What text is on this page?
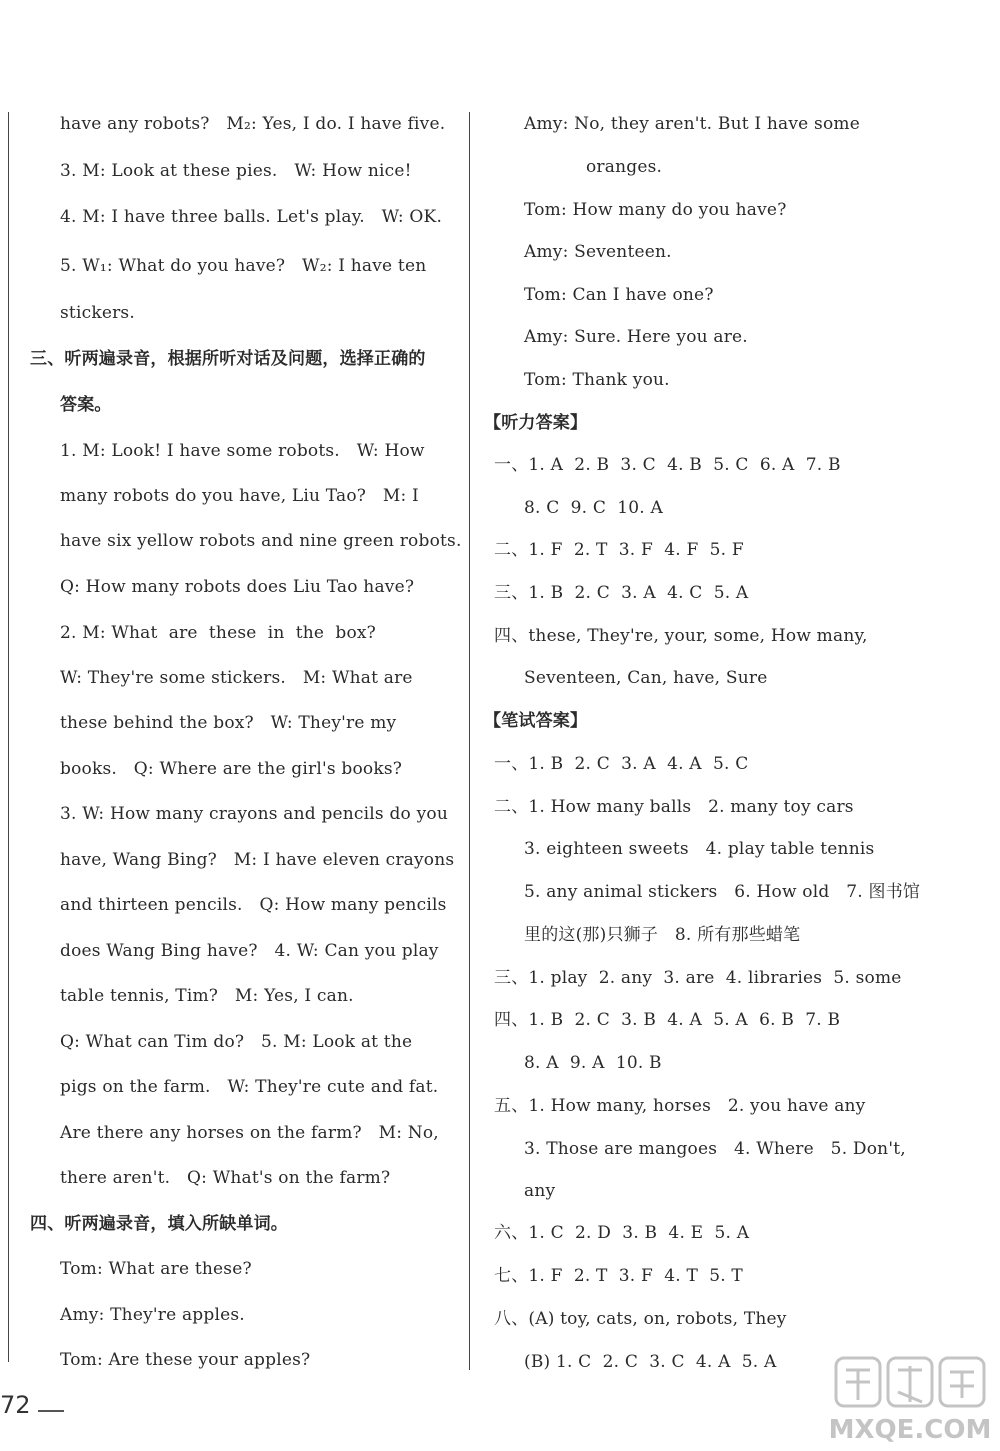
have any robots?   M₂: Yes, I do. I have five.
3. M: Look at these pies.   W: How nice!
4. M: I have three balls. Let's play.   W: OK.
5. W₁: What do you have?   W₂: I have ten
stickers.
三、听两遍录音，根据所听对话及问题，选择正确的
答案。
1. M: Look! I have some robots.   W: How
many robots do you have, Liu Tao?   M: I
have six yellow robots and nine green robots.
Q: How many robots does Liu Tao have?
2. M: What  are  these  in  the  box?
W: They're some stickers.   M: What are
these behind the box?   W: They're my
books.   Q: Where are the girl's books?
3. W: How many crayons and pencils do you
have, Wang Bing?   M: I have eleven crayons
and thirteen pencils.   Q: How many pencils
does Wang Bing have?   4. W: Can you play
table tennis, Tim?   M: Yes, I can.
Q: What can Tim do?   5. M: Look at the
pigs on the farm.   W: They're cute and fat.
Are there any horses on the farm?   M: No,
there aren't.   Q: What's on the farm?
四、听两遍录音，填入所缺单词。
Tom: What are these?
Amy: They're apples.
Tom: Are these your apples?
Amy: No, they aren't. But I have some
oranges.
Tom: How many do you have?
Amy: Seventeen.
Tom: Can I have one?
Amy: Sure. Here you are.
Tom: Thank you.
【听力答案】
一、1. A  2. B  3. C  4. B  5. C  6. A  7. B
8. C  9. C  10. A
二、1. F  2. T  3. F  4. F  5. F
三、1. B  2. C  3. A  4. C  5. A
四、these, They're, your, some, How many,
Seventeen, Can, have, Sure
【笔试答案】
一、1. B  2. C  3. A  4. A  5. C
二、1. How many balls   2. many toy cars
3. eighteen sweets   4. play table tennis
5. any animal stickers   6. How old   7. 图书馆
里的这(那)只狮子   8. 所有那些蜡笔
三、1. play  2. any  3. are  4. libraries  5. some
四、1. B  2. C  3. B  4. A  5. A  6. B  7. B
8. A  9. A  10. B
五、1. How many, horses   2. you have any
3. Those are mangoes   4. Where   5. Don't,
any
六、1. C  2. D  3. B  4. E  5. A
七、1. F  2. T  3. F  4. T  5. T
八、(A) toy, cats, on, robots, They
(B) 1. C  2. C  3. C  4. A  5. A
72
MXQE.COM
